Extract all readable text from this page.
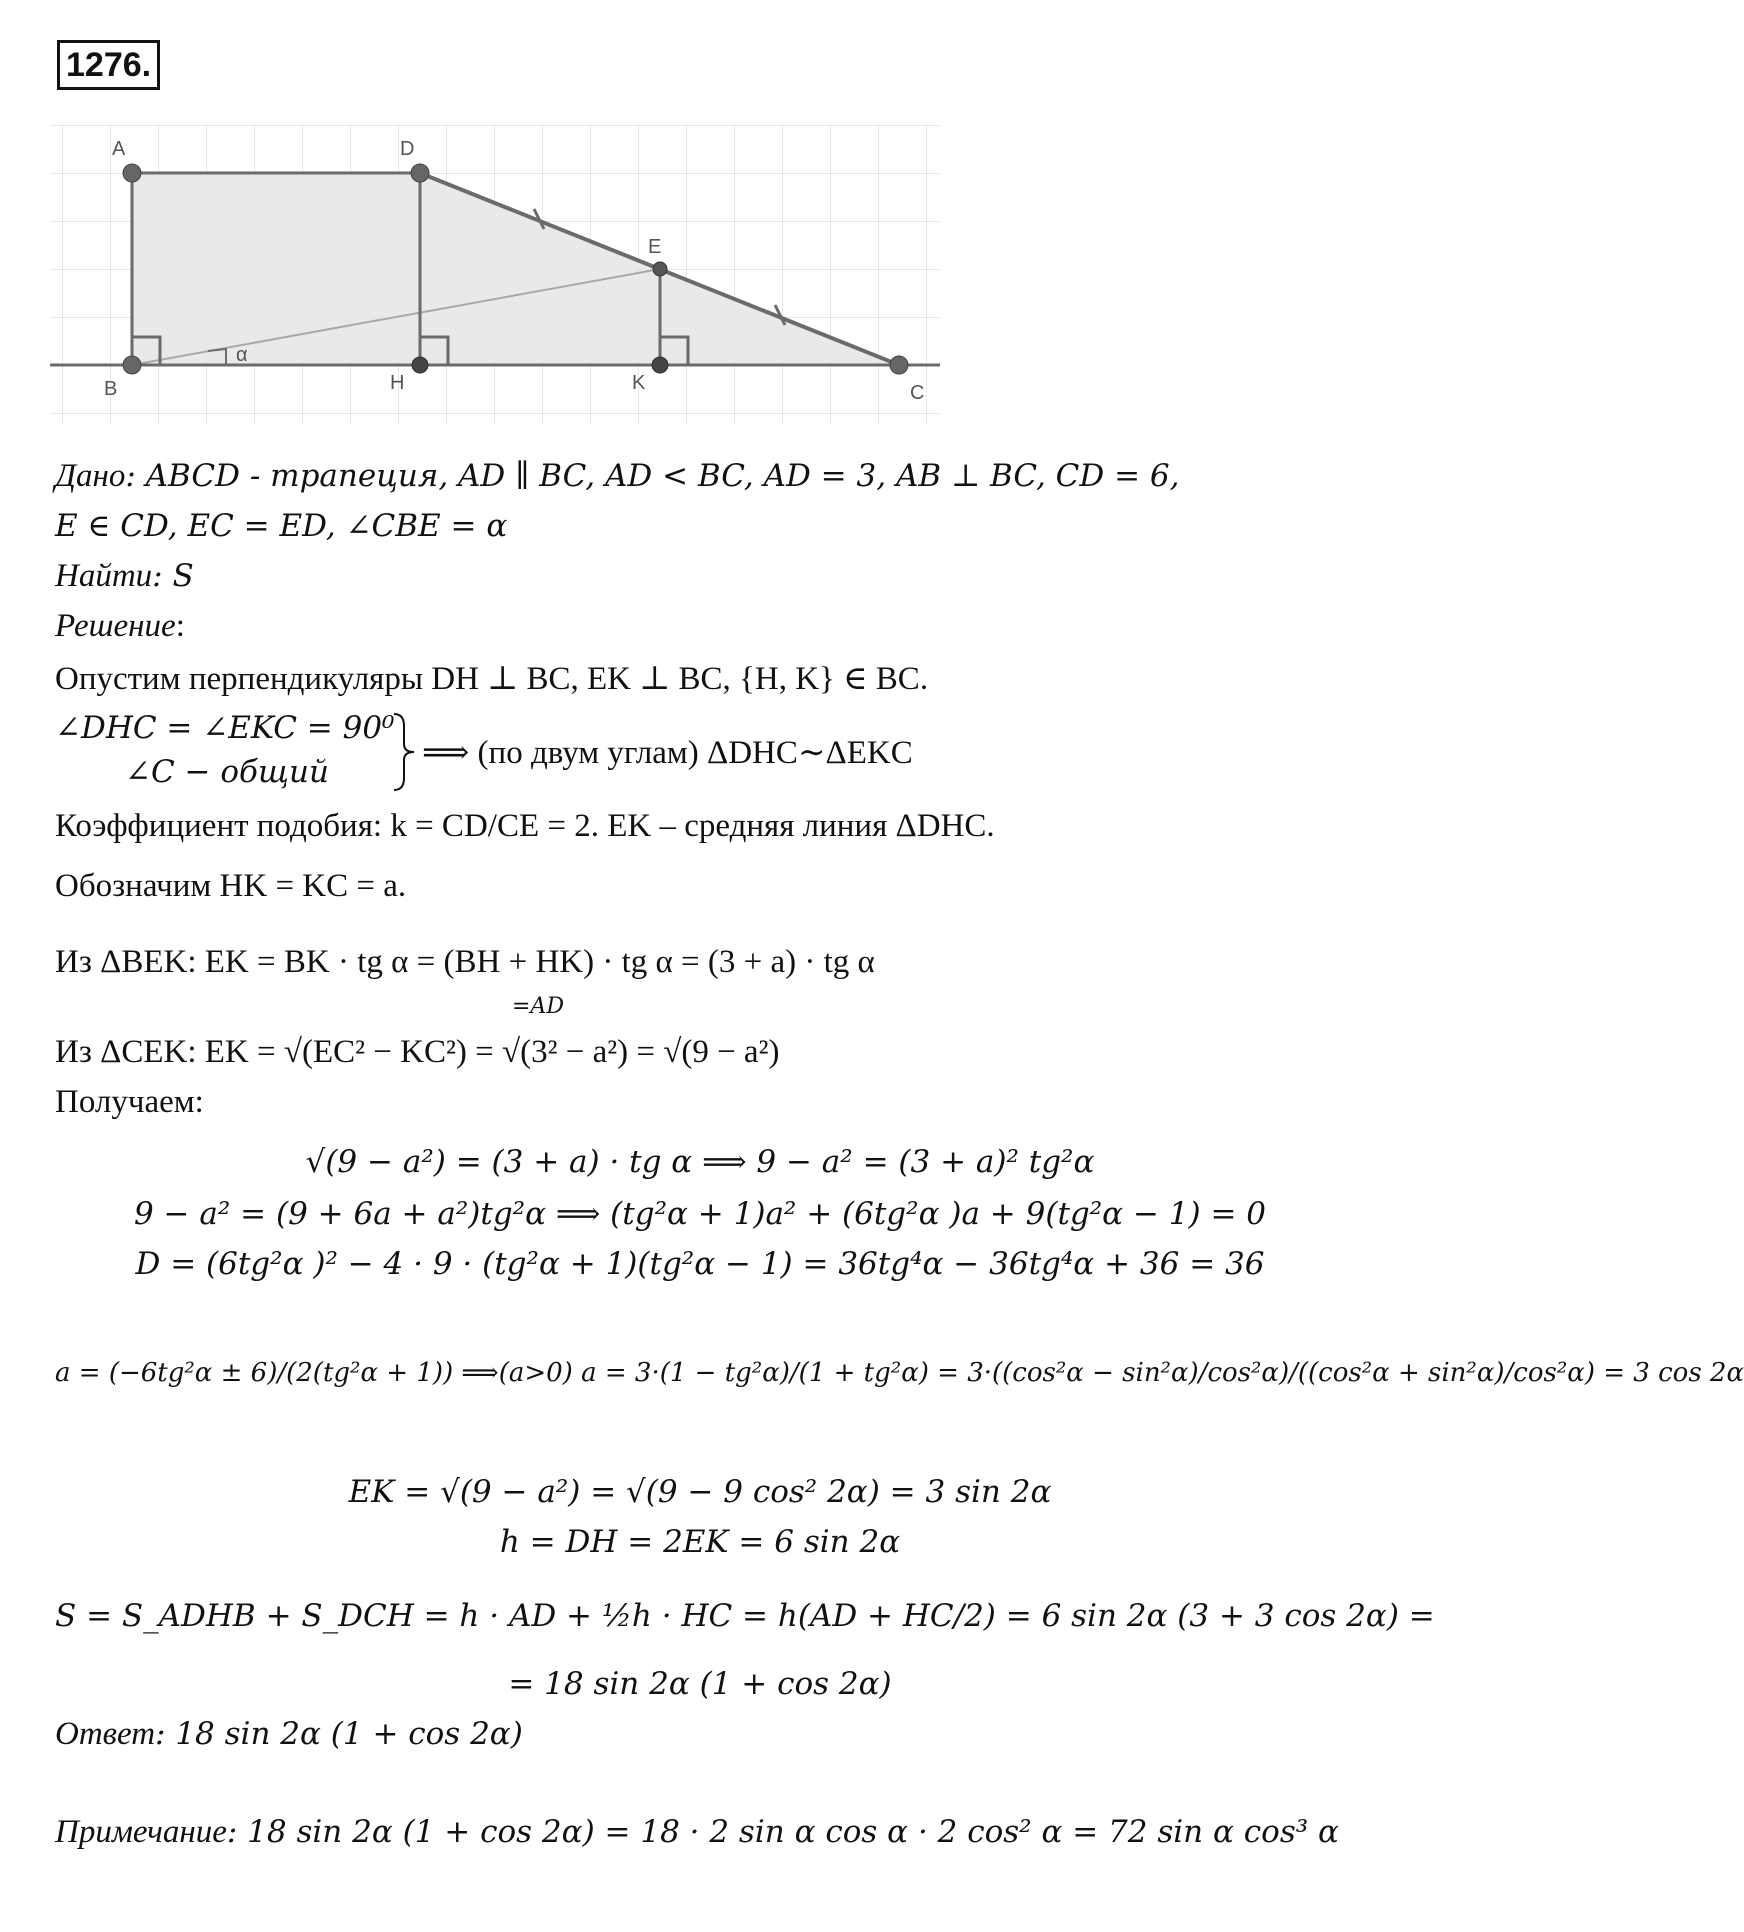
1276.
A	D
E
B	H	K	C
α
Дано: ABCD - трапеция, AD ∥ BC, AD < BC, AD = 3, AB ⊥ BC, CD = 6,
E ∈ CD, EC = ED, ∠CBE = α
Найти: S
Решение:
Опустим перпендикуляры DH ⊥ BC, EK ⊥ BC, {H, K} ∈ BC.
∠DHC = ∠EKC = 90⁰
∠C − общий
⟹ (по двум углам) ΔDHC∼ΔEKC
Коэффициент подобия: k = CD/CE = 2. EK – средняя линия ΔDHC.
Обозначим HK = KC = a.
Из ΔBEK: EK = BK · tg α = (BH + HK) · tg α = (3 + a) · tg α
=AD
Из ΔCEK: EK = √(EC² − KC²) = √(3² − a²) = √(9 − a²)
Получаем:
√(9 − a²) = (3 + a) · tg α ⟹ 9 − a² = (3 + a)² tg²α
9 − a² = (9 + 6a + a²)tg²α ⟹ (tg²α + 1)a² + (6tg²α )a + 9(tg²α − 1) = 0
D = (6tg²α )² − 4 · 9 · (tg²α + 1)(tg²α − 1) = 36tg⁴α − 36tg⁴α + 36 = 36
a = (−6tg²α ± 6)/(2(tg²α + 1)) ⟹(a>0) a = 3·(1 − tg²α)/(1 + tg²α) = 3·((cos²α − sin²α)/cos²α)/((cos²α + sin²α)/cos²α) = 3 cos 2α
EK = √(9 − a²) = √(9 − 9 cos² 2α) = 3 sin 2α
h = DH = 2EK = 6 sin 2α
S = S_ADHB + S_DCH = h · AD + ½h · HC = h(AD + HC/2) = 6 sin 2α (3 + 3 cos 2α) =
= 18 sin 2α (1 + cos 2α)
Ответ: 18 sin 2α (1 + cos 2α)
Примечание: 18 sin 2α (1 + cos 2α) = 18 · 2 sin α cos α · 2 cos² α = 72 sin α cos³ α
